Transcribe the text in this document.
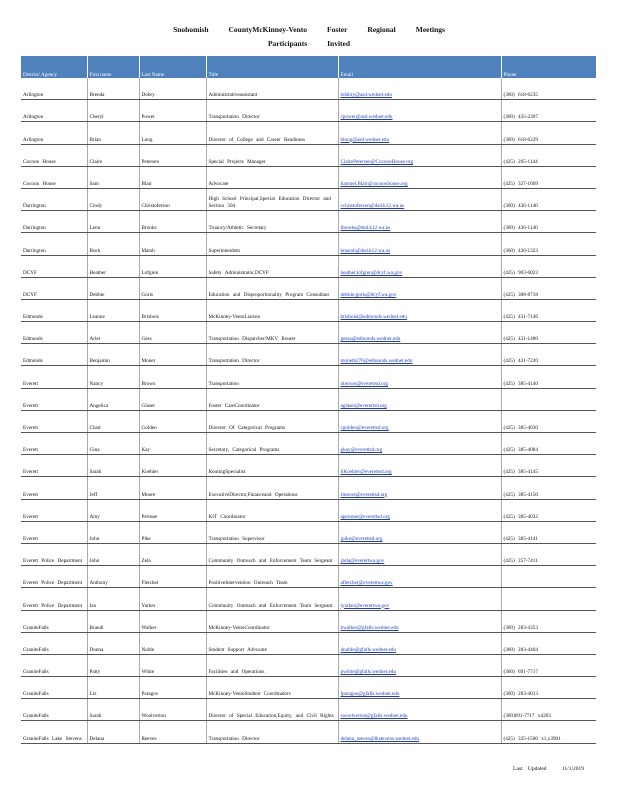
Snohomish	CountyMcKinney-Vento	Foster	Regional	Meetings
Participants	Invited
District/ Agency	First name	Last Name	Title	Email	Phone
Arlington	Brenda	Dobry	Administrativeassistant	bdobry@asd.wednet.edu	(360) 618-6235
Arlington	Cheryl	Power	Transportation Director	cpower@asd.wednet.edu	(360) 435-2307
Arlington	Brian	Long	Director of College and Career Readiness	blong@asd.wednet.edu	(360) 618-6229
Cocoon House	Claire	Petersen	Special Projects Manager	ClairePetersen@CocoonHouse.org	(425) 265-1144
Cocoon House	Sam	Blair	Advocate	Samuel.Blair@cocoonhouse.org	(425) 327-1609
Darrington	Cindy	Christoferson	High School Principal,Special Education Director and Section 504	cchristoferson@dsd.k12.wa.us	(360) 436-1140
Darrington	Lenn	Brooks	Truancy/Athletic Secretary	lbrooks@dsd.k12.wa.us	(360) 436-1140
Darrington	Buck	Marsh	Superintendent	bmarsh@dsd.k12.wa.us	(360) 436-1323
DCYF	Heather	Lofgren	Safety Administrator,DCYF	heather.lofgren@dcyf.wa.gov	(425) 903-6023
DCYF	Debbie	Goris	Education and Disproportionality Program Consultant	debbie.goris@dcyf.wa.gov	(425) 308-8718
Edmonds	Leanne	Brisbois	McKinney-VentoLiaison	brisboisl@edmonds.wednet.edu	(425) 431-7146
Edmonds	Arlet	Gess	Transportation Dispatcher/MKV Router	gessa@edmonds.wednet.edu	(425) 431-1400
Edmonds	Benjamin	Monet	Transportation Director	monetb276@edmonds.wednet.edu	(425) 431-7220
Everett	Nancy	Brown	Transportation	nbrown@everettsd.org	(425) 385-4140
Everett	Angelica	Glaser	Foster CareCoordinator	aglaser@everettsd.org	
Everett	Chad	Golden	Director Of Categorical Programs	cgolden@everettsd.org	(425) 385-4030
Everett	Gina	Kay	Secretary, Categorical Programs	gkay@everettsd.org	(425) 385-4084
Everett	Sarah	Koehler	RoutingSpecialist	SKoehler@everettsd.org	(425) 385-4145
Everett	Jeff	Moore	ExecutiveDirector,Financeand Operations	Jmoore@everettsd.org	(425) 385-4150
Everett	Amy	Perusse	KIT Coordinator	aperusse@everettsd.org	(425) 385-4032
Everett	John	Pike	Transportation Supervisor	jpike@everettsd.org	(425) 385-4141
Everett Police Department	John	Zela	Community Outreach and Enforcement Team Sergeant	jzela@everettwa.gov	(425) 257-7411
Everett Police Department	Anthony	Fletcher	PositiveIntervention Outreach Team	afletcher@everettwa.gov	
Everett Police Department	Ian	Yarker	Community Outreach and Enforcement Team Sergeant	iyarker@everettwa.gov	
GraniteFalls	Brandi	Walker	McKinney-VentoCoordinator	bwalker@gfalls.wednet.edu	(360) 283-4353
GraniteFalls	Donna	Noble	Student Support Advocate	dnoble@gfalls.wednet.edu	(360) 283-4404
GraniteFalls	Patty	White	Facilities and Operations	pwhite@gfalls.wednet.edu	(360) 691-7717
GraniteFalls	Liz	Paragos	McKinney-VentoStudent Coordinators	lparagos@gfalls.wednet.edu	(360) 283-4013
GraniteFalls	Sarah	Woolverton	Director of Special Education,Equity, and Civil Rights	swoolverton@gfalls.wednet.edu	(360)691-7717 x4203
GraniteFalls Lake Stevens	Delana	Reeves	Transportation Director	delana_reeves@lkstevens.wednet.edu	(425) 335-1500 x1,x3901
Last Updated	11/1/2019
